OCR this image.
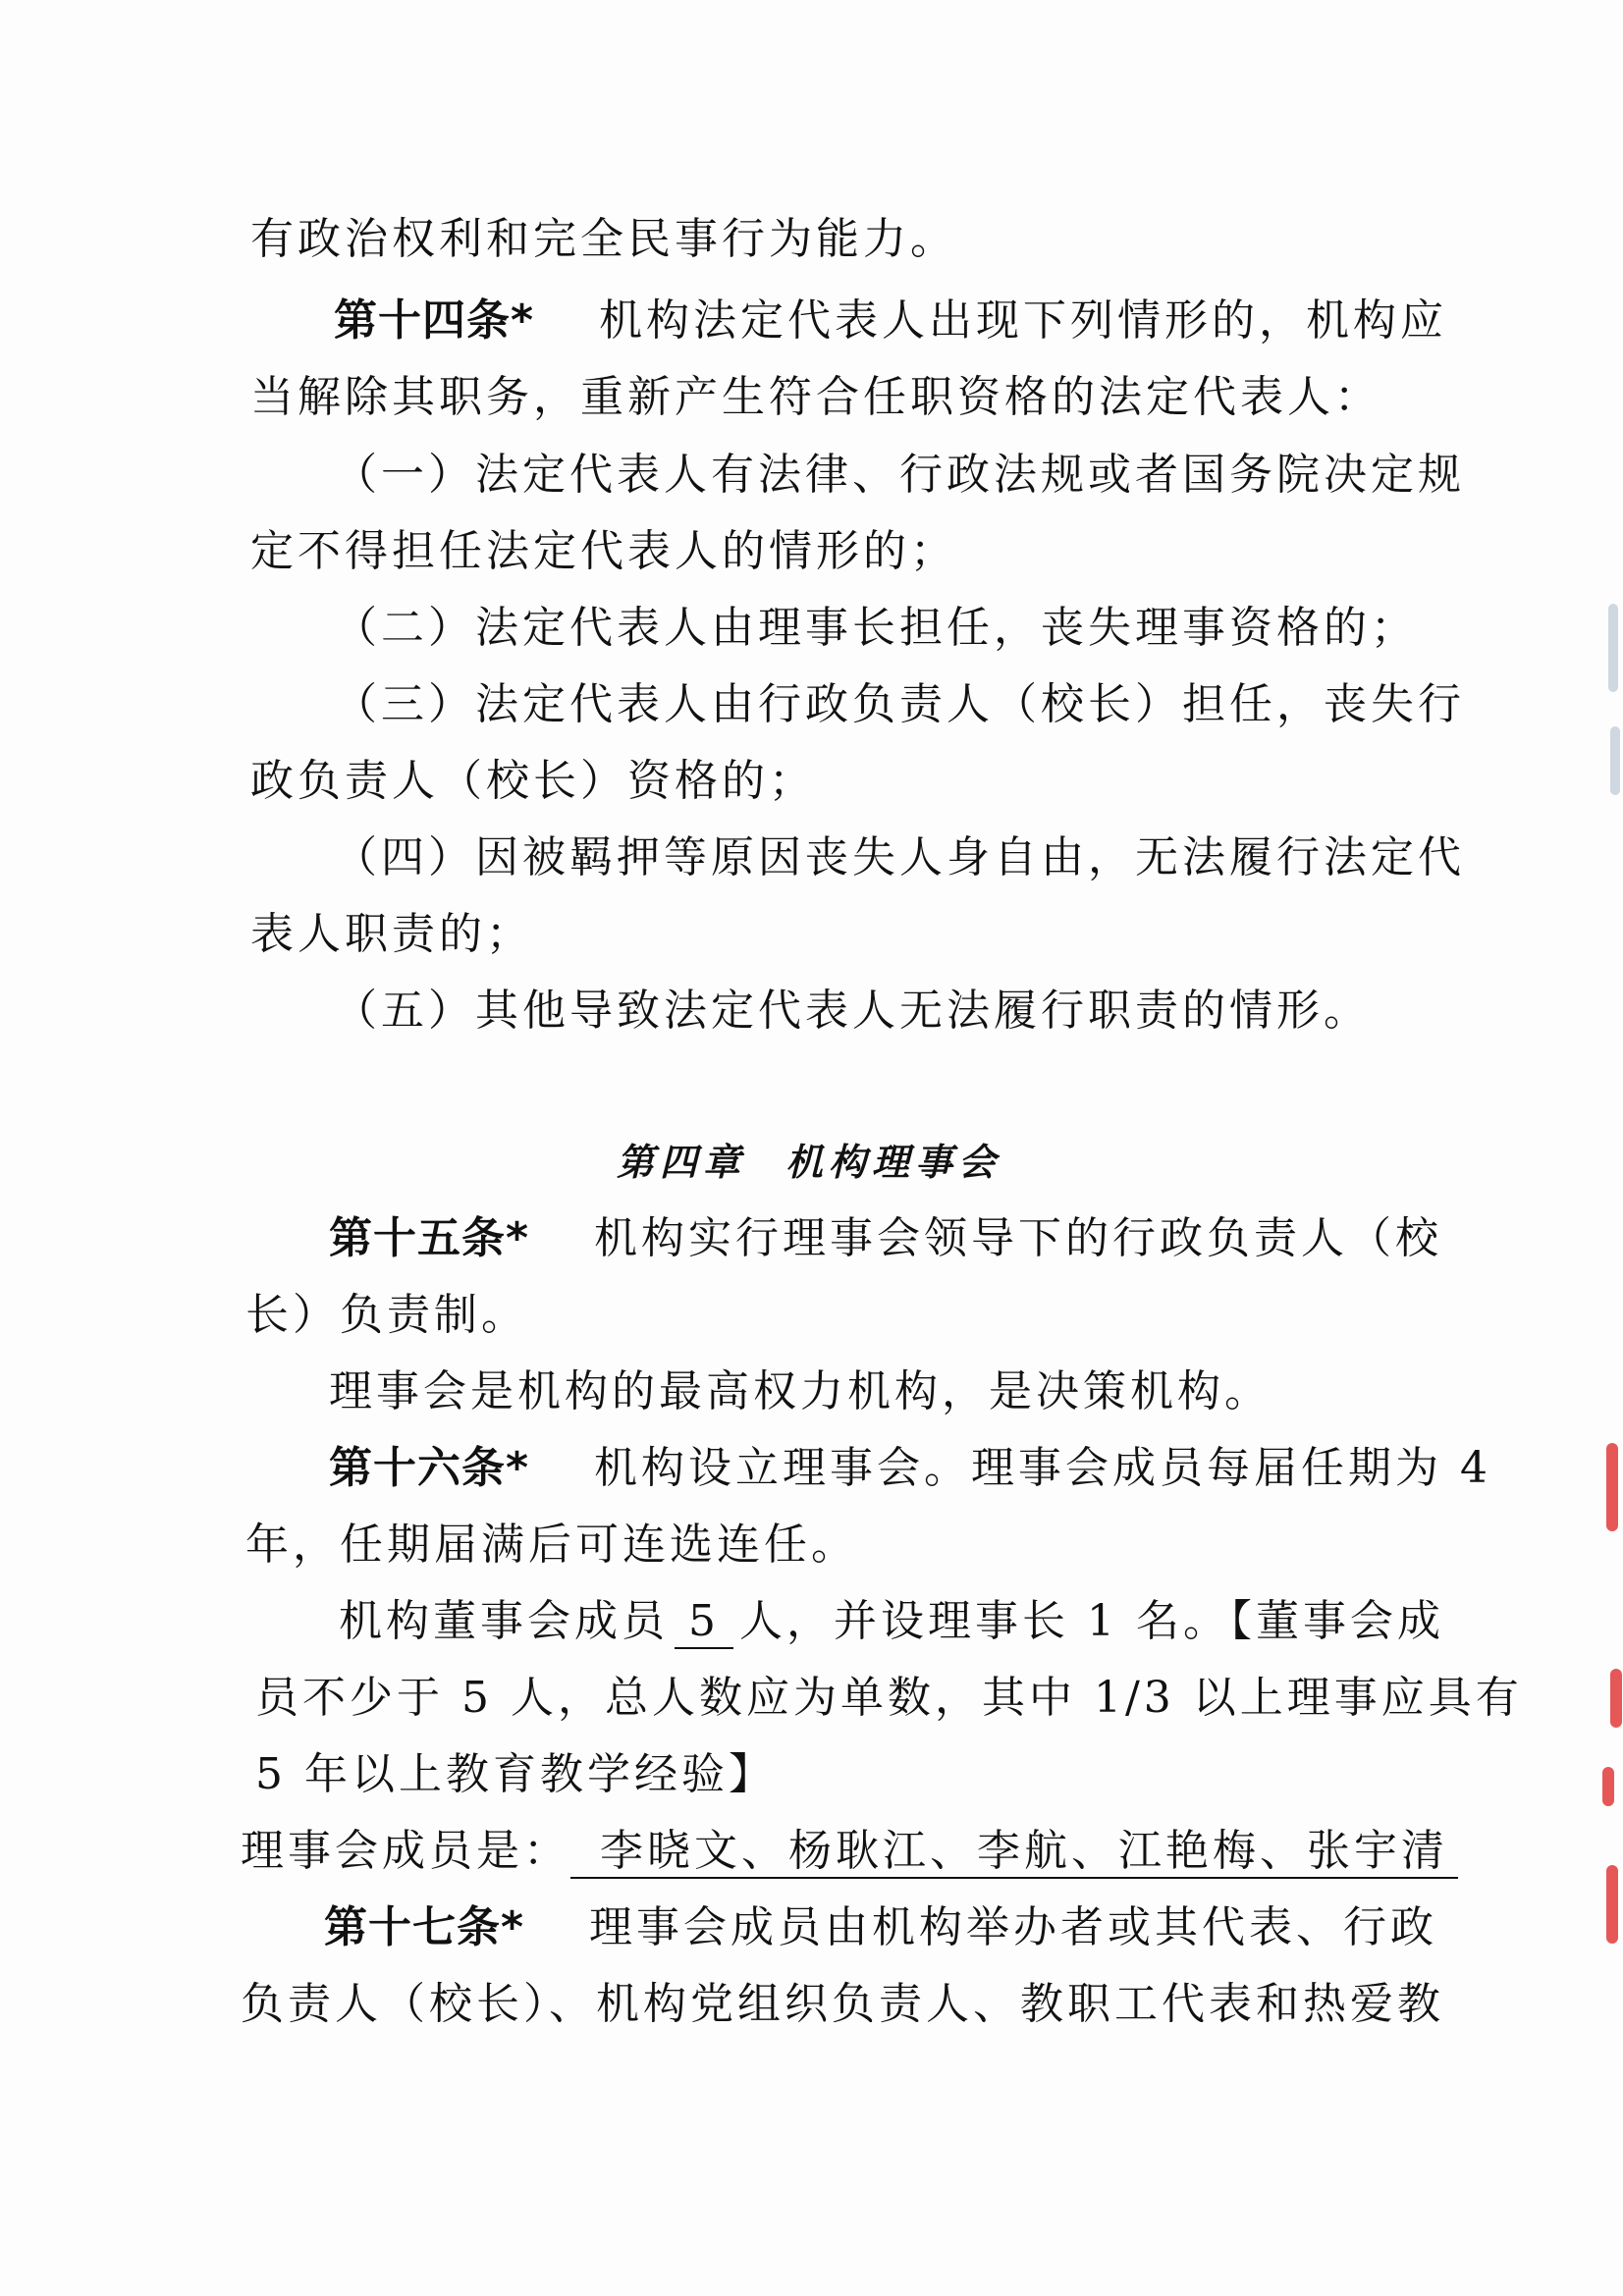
有政治权利和完全民事行为能力。
第十四条* 机构法定代表人出现下列情形的，机构应
当解除其职务，重新产生符合任职资格的法定代表人：
（一）法定代表人有法律、行政法规或者国务院决定规
定不得担任法定代表人的情形的；
（二）法定代表人由理事长担任，丧失理事资格的；
（三）法定代表人由行政负责人（校长）担任，丧失行
政负责人（校长）资格的；
（四）因被羁押等原因丧失人身自由，无法履行法定代
表人职责的；
（五）其他导致法定代表人无法履行职责的情形。
第四章 机构理事会
第十五条* 机构实行理事会领导下的行政负责人（校
长）负责制。
理事会是机构的最高权力机构，是决策机构。
第十六条* 机构设立理事会。理事会成员每届任期为 4
年，任期届满后可连选连任。
机构董事会成员 5 人，并设理事长 1 名。【董事会成
员不少于 5 人，总人数应为单数，其中 1/3 以上理事应具有
5 年以上教育教学经验】
理事会成员是： 李晓文、杨耿江、李航、江艳梅、张宇清
第十七条* 理事会成员由机构举办者或其代表、行政
负责人（校长）、机构党组织负责人、教职工代表和热爱教
